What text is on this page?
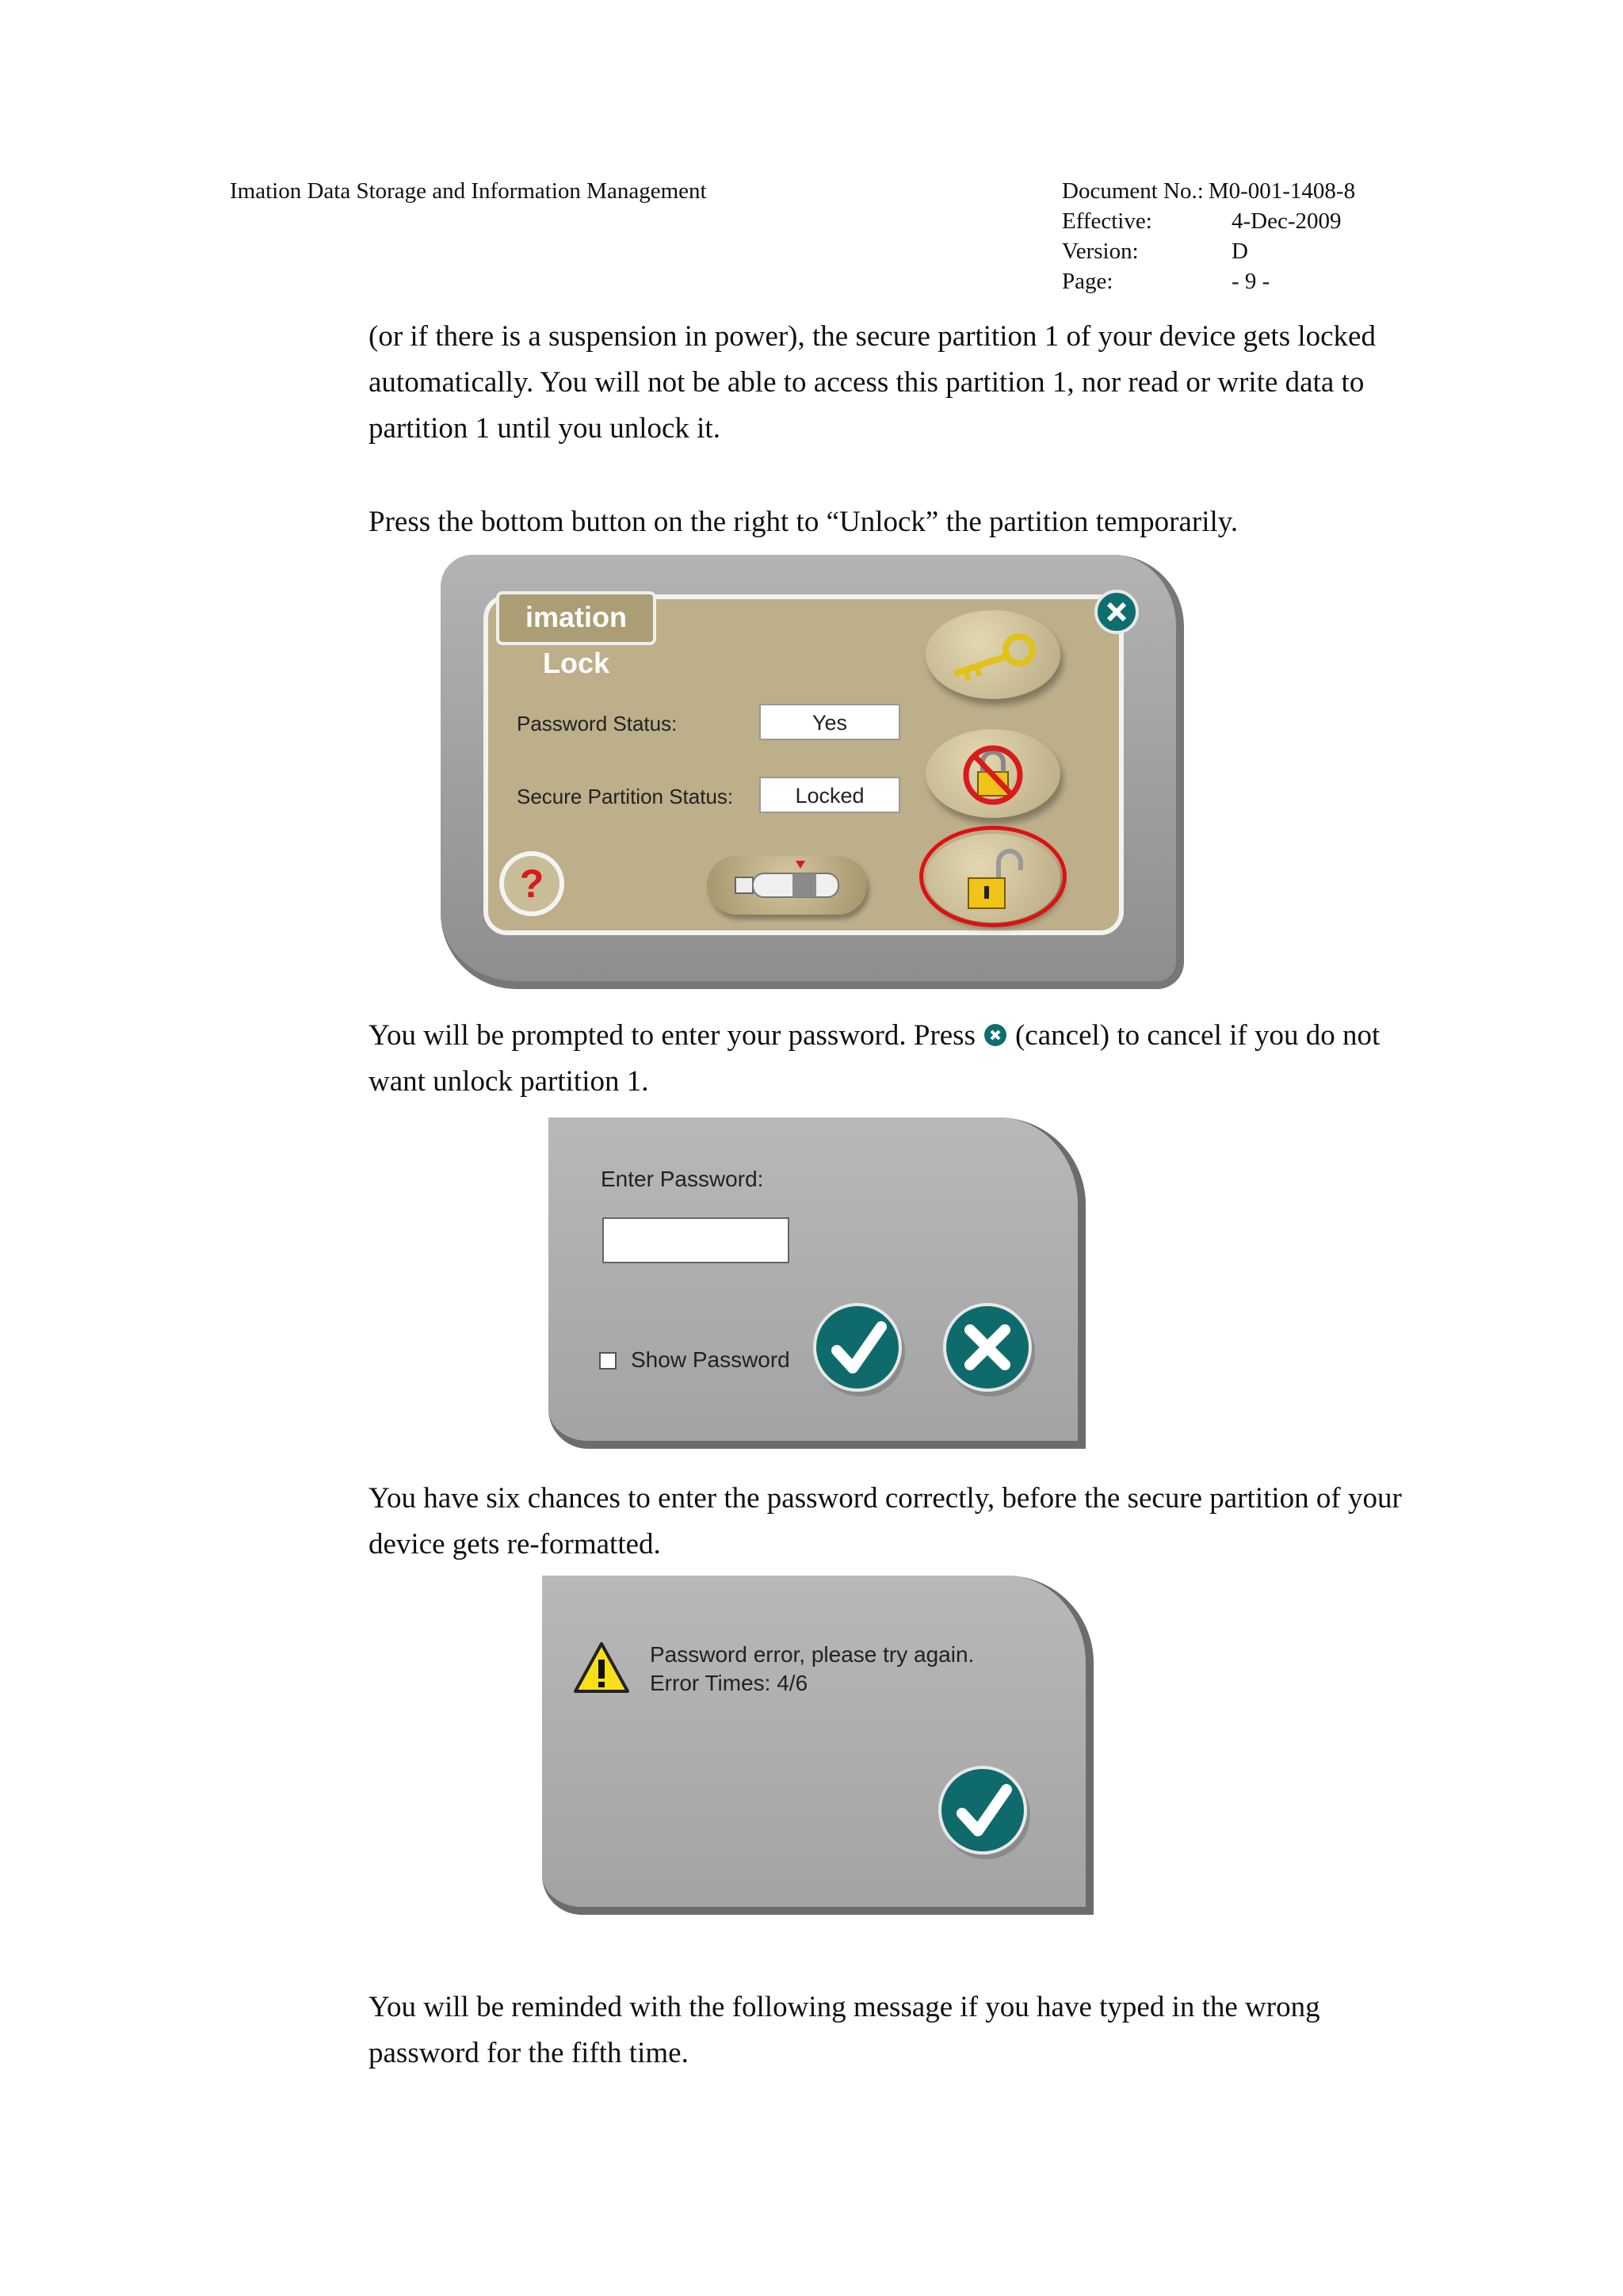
Imation Data Storage and Information Management	Document No.: M0-001-1408-8
Effective:	4-Dec-2009
Version:	D
Page:	- 9 -

(or if there is a suspension in power), the secure partition 1 of your device gets locked automatically. You will not be able to access this partition 1, nor read or write data to partition 1 until you unlock it.

Press the bottom button on the right to “Unlock” the partition temporarily.

imation Lock
Password Status:	Yes
Secure Partition Status:	Locked
?

You will be prompted to enter your password. Press (cancel) to cancel if you do not want unlock partition 1.

Enter Password:
Show Password

You have six chances to enter the password correctly, before the secure partition of your device gets re-formatted.

Password error, please try again.
Error Times: 4/6

You will be reminded with the following message if you have typed in the wrong password for the fifth time.
